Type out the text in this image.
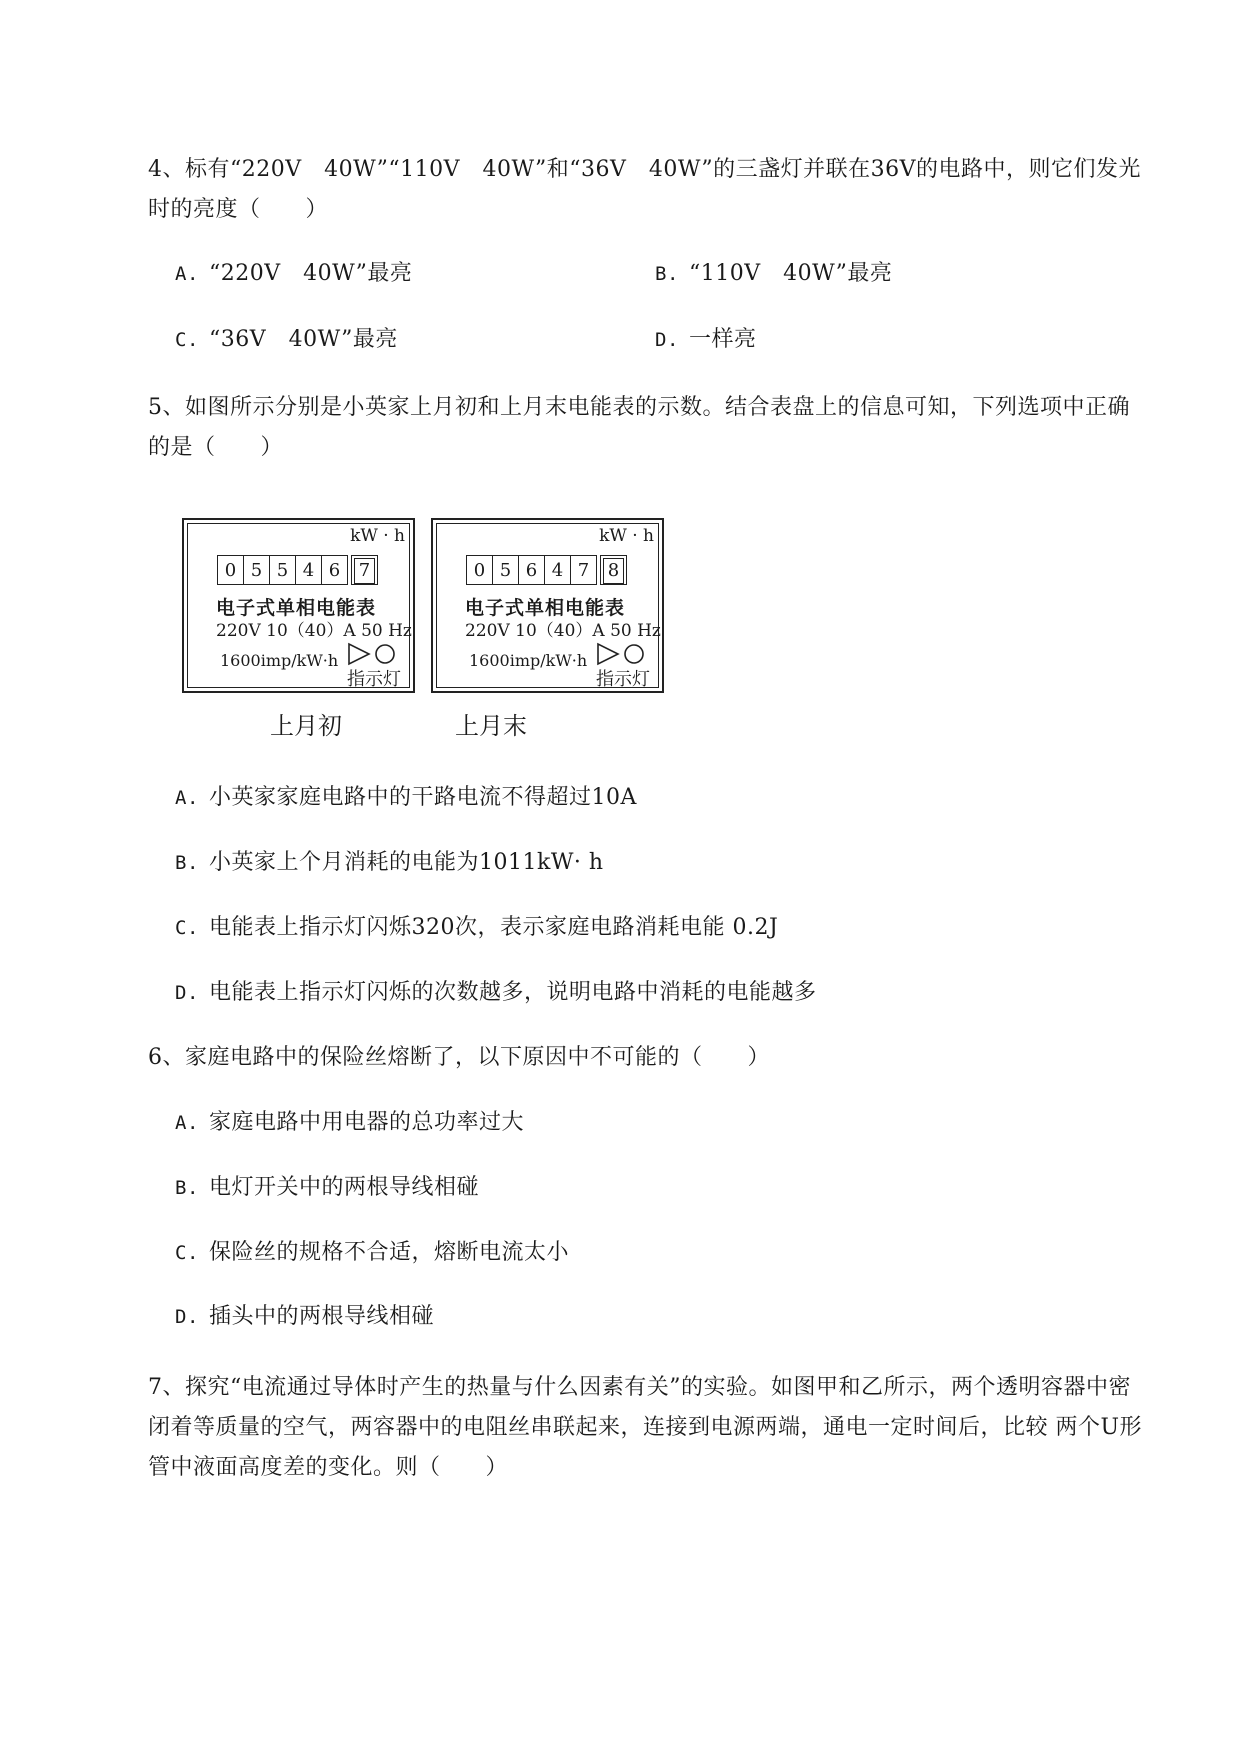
4、标有“220V　40W”“110V　40W”和“36V　40W”的三盏灯并联在36V的电路中，则它们发光时的亮度（　　）
A. “220V　40W”最亮	B. “110V　40W”最亮
C. “36V　40W”最亮	D. 一样亮
5、如图所示分别是小英家上月初和上月末电能表的示数。结合表盘上的信息可知，下列选项中正确的是（　　）
kW · h
0 5 5 4 6	7
电子式单相电能表
220V 10（40）A 50 Hz
1600imp/kW·h
指示灯
kW · h
0 5 6 4 7	8
电子式单相电能表
220V 10（40）A 50 Hz
1600imp/kW·h
指示灯
上月初	上月末
A. 小英家家庭电路中的干路电流不得超过10A
B. 小英家上个月消耗的电能为1011kW· h
C. 电能表上指示灯闪烁320次，表示家庭电路消耗电能 0.2J
D. 电能表上指示灯闪烁的次数越多，说明电路中消耗的电能越多
6、家庭电路中的保险丝熔断了，以下原因中不可能的（　　）
A. 家庭电路中用电器的总功率过大
B. 电灯开关中的两根导线相碰
C. 保险丝的规格不合适，熔断电流太小
D. 插头中的两根导线相碰
7、探究“电流通过导体时产生的热量与什么因素有关”的实验。如图甲和乙所示，两个透明容器中密闭着等质量的空气，两容器中的电阻丝串联起来，连接到电源两端，通电一定时间后，比较 两个U形管中液面高度差的变化。则（　　）
